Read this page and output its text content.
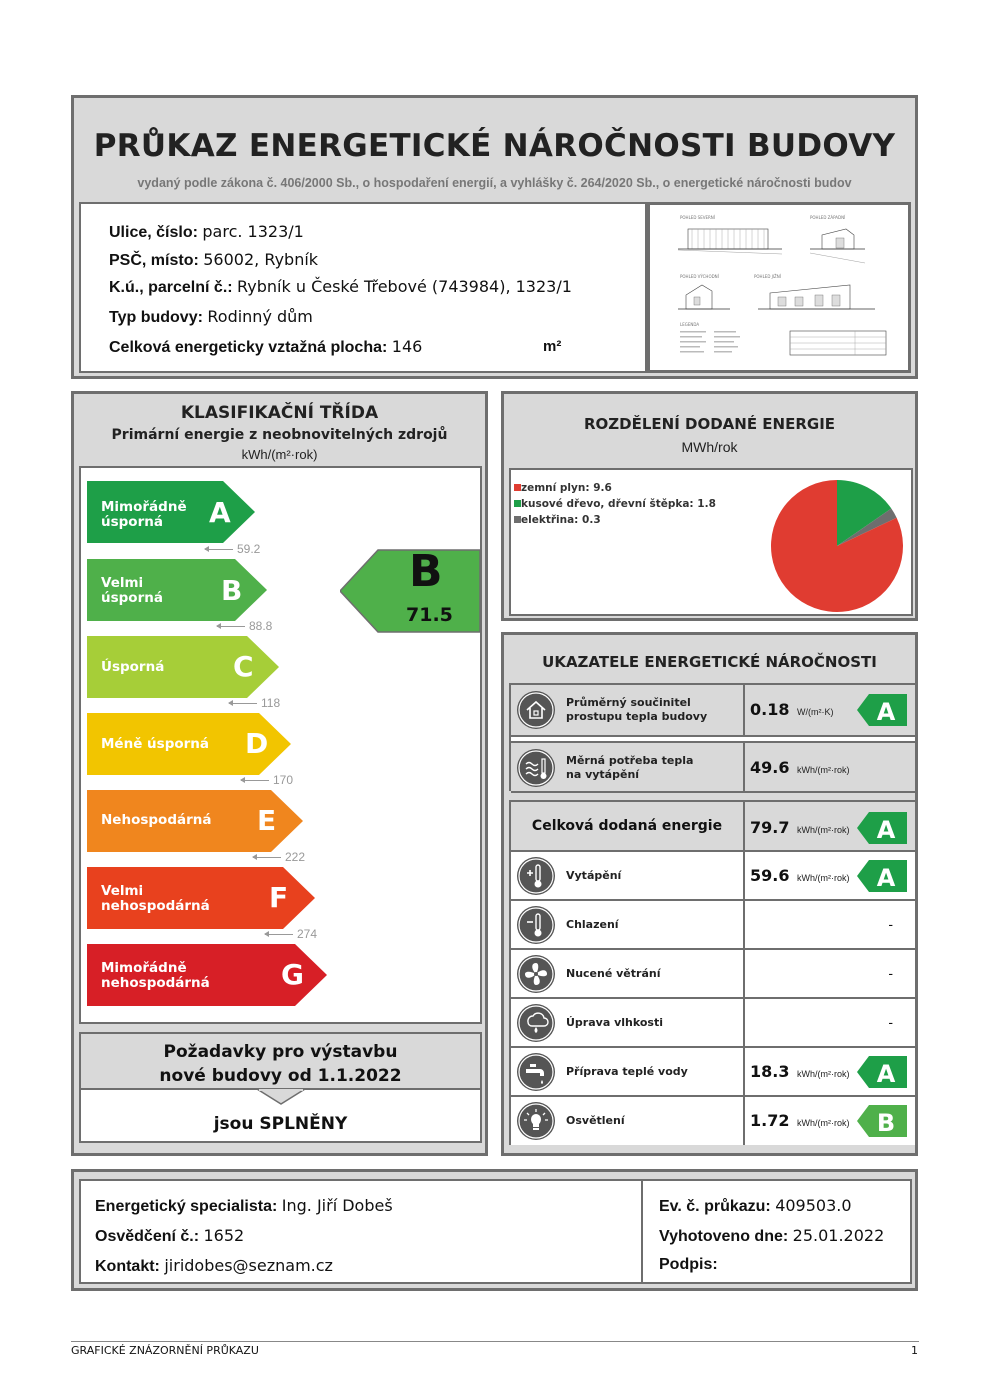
PRŮKAZ ENERGETICKÉ NÁROČNOSTI BUDOVY
vydaný podle zákona č. 406/2000 Sb., o hospodaření energií, a vyhlášky č. 264/2020 Sb., o energetické náročnosti budov
Ulice, číslo: parc. 1323/1
PSČ, místo: 56002, Rybník
K.ú., parcelní č.: Rybník u České Třebové (743984), 1323/1
Typ budovy: Rodinný dům
Celková energeticky vztažná plocha: 146	m²
POHLED SEVERNÍ	POHLED ZÁPADNÍ
POHLED VÝCHODNÍ	POHLED JIŽNÍ
LEGENDA
KLASIFIKAČNÍ TŘÍDA
Primární energie z neobnovitelných zdrojů
kWh/(m²·rok)
Mimořádně
úsporná	A
59.2
Velmi
úsporná B
88.8
Úsporná C
118
Méně úsporná D
170
Nehospodárná E
222
Velmi
nehospodárná F
274
Mimořádně
nehospodárná	G
B
71.5
Požadavky pro výstavbu
nové budovy od 1.1.2022
jsou SPLNĚNY
ROZDĚLENÍ DODANÉ ENERGIE
MWh/rok
zemní plyn: 9.6
kusové dřevo, dřevní štěpka: 1.8
elektřina: 0.3
UKAZATELE ENERGETICKÉ NÁROČNOSTI
Průměrný součinitel
prostupu tepla budovy	0.18 W/(m²·K) A
Měrná potřeba tepla
na vytápění	49.6 kWh/(m²·rok)
Celková dodaná energie	79.7 kWh/(m²·rok) A
Vytápění	59.6 kWh/(m²·rok) A
Chlazení	-
Nucené větrání	-
Úprava vlhkosti	-
Příprava teplé vody	18.3 kWh/(m²·rok) A
Osvětlení	1.72 kWh/(m²·rok) B
Energetický specialista: Ing. Jiří Dobeš
Osvědčení č.: 1652
Kontakt: jiridobes@seznam.cz
Ev. č. průkazu: 409503.0
Vyhotoveno dne: 25.01.2022
Podpis:
GRAFICKÉ ZNÁZORNĚNÍ PRŮKAZU	1
